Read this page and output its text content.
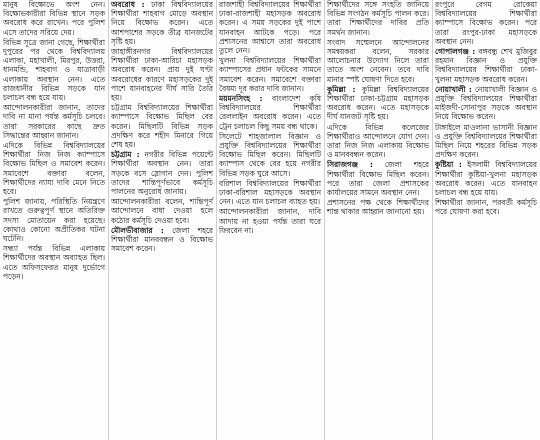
মানুষ বিক্ষোভে অংশ নেন। বিক্ষোভকারীরা বিভিন্ন স্থানে সড়ক অবরোধ করে রাখেন। পরে পুলিশ এসে তাদের সরিয়ে দেয়।

বিভিন্ন সূত্রে জানা গেছে, শিক্ষার্থীরা দুপুরের পর থেকে বিশ্ববিদ্যালয় এলাকা, মহাখালী, মিরপুর, উত্তরা, ধানমন্ডি, শাহবাগ ও যাত্রাবাড়ী এলাকায় অবস্থান নেন। এতে রাজধানীর বিভিন্ন সড়কে যান চলাচল বন্ধ হয়ে যায়।

আন্দোলনকারীরা জানান, তাদের দাবি না মানা পর্যন্ত কর্মসূচি চলবে। তারা সরকারের কাছে দ্রুত সিদ্ধান্তের আহ্বান জানান।

এদিকে বিভিন্ন বিশ্ববিদ্যালয়ের শিক্ষার্থীরা নিজ নিজ ক্যাম্পাসে বিক্ষোভ মিছিল ও সমাবেশ করেন। সমাবেশে বক্তারা বলেন, শিক্ষার্থীদের ন্যায্য দাবি মেনে নিতে হবে।

পুলিশ জানায়, পরিস্থিতি নিয়ন্ত্রণে রাখতে গুরুত্বপূর্ণ স্থানে অতিরিক্ত সদস্য মোতায়েন করা হয়েছে। কোথাও কোনো অপ্রীতিকর ঘটনা ঘটেনি।

সন্ধ্যা পর্যন্ত বিভিন্ন এলাকায় শিক্ষার্থীদের অবস্থান অব্যাহত ছিল। এতে অফিসফেরত মানুষ দুর্ভোগে পড়েন।

অবরোধ : ঢাকা বিশ্ববিদ্যালয়ের শিক্ষার্থীরা শাহবাগ মোড়ে অবস্থান নিয়ে বিক্ষোভ করেন। এতে আশপাশের সড়কে তীব্র যানজটের সৃষ্টি হয়।

জাহাঙ্গীরনগর বিশ্ববিদ্যালয়ের শিক্ষার্থীরা ঢাকা-আরিচা মহাসড়ক অবরোধ করেন। প্রায় দুই ঘণ্টা অবরোধের কারণে মহাসড়কের দুই পাশে যানবাহনের দীর্ঘ সারি তৈরি হয়।

চট্টগ্রাম বিশ্ববিদ্যালয়ের শিক্ষার্থীরা ক্যাম্পাসে বিক্ষোভ মিছিল বের করেন। মিছিলটি বিভিন্ন সড়ক প্রদক্ষিণ করে শহীদ মিনারে গিয়ে শেষ হয়।

চট্টগ্রাম : নগরীর বিভিন্ন পয়েন্টে শিক্ষার্থীরা অবস্থান নেন। তারা সড়কে বসে স্লোগান দেন। পুলিশ তাদের শান্তিপূর্ণভাবে কর্মসূচি পালনের অনুরোধ জানায়।

আন্দোলনকারীরা বলেন, শান্তিপূর্ণ আন্দোলনে বাধা দেওয়া হলে কঠোর কর্মসূচি দেওয়া হবে।

মৌলভীবাজার : জেলা শহরে শিক্ষার্থীরা মানববন্ধন ও বিক্ষোভ সমাবেশ করেন।

রাজশাহী বিশ্ববিদ্যালয়ের শিক্ষার্থীরা ঢাকা-রাজশাহী মহাসড়ক অবরোধ করেন। এ সময় সড়কের দুই পাশে যানবাহন আটকে পড়ে। পরে প্রশাসনের আশ্বাসে তারা অবরোধ তুলে নেন।

খুলনা বিশ্ববিদ্যালয়ের শিক্ষার্থীরা ক্যাম্পাসের প্রধান ফটকের সামনে সমাবেশ করেন। সমাবেশে বক্তারা বৈষম্য দূর করার দাবি জানান।

ময়মনসিংহ : বাংলাদেশ কৃষি বিশ্ববিদ্যালয়ের শিক্ষার্থীরা রেললাইন অবরোধ করেন। এতে ট্রেন চলাচল কিছু সময় বন্ধ থাকে।

সিলেটে শাহজালাল বিজ্ঞান ও প্রযুক্তি বিশ্ববিদ্যালয়ের শিক্ষার্থীরা বিক্ষোভ মিছিল করেন। মিছিলটি ক্যাম্পাস থেকে বের হয়ে নগরীর বিভিন্ন সড়ক ঘুরে আসে।

বরিশাল বিশ্ববিদ্যালয়ের শিক্ষার্থীরা ঢাকা-বরিশাল মহাসড়কে অবস্থান নেন। এতে যান চলাচল ব্যাহত হয়।

আন্দোলনকারীরা জানান, দাবি আদায় না হওয়া পর্যন্ত তারা ঘরে ফিরবেন না।

শিক্ষার্থীদের সঙ্গে সংহতি জানিয়ে বিভিন্ন সংগঠন কর্মসূচি পালন করে। তারা শিক্ষার্থীদের দাবির প্রতি সমর্থন জানান।

সংবাদ সম্মেলনে আন্দোলনের সমন্বয়করা বলেন, সরকার আলোচনার উদ্যোগ নিলে তারা তাতে অংশ নেবেন। তবে দাবি মানার স্পষ্ট ঘোষণা দিতে হবে।

কুমিল্লা : কুমিল্লা বিশ্ববিদ্যালয়ের শিক্ষার্থীরা ঢাকা-চট্টগ্রাম মহাসড়ক অবরোধ করেন। এতে মহাসড়কে দীর্ঘ যানজট সৃষ্টি হয়।

এদিকে বিভিন্ন কলেজের শিক্ষার্থীরাও আন্দোলনে যোগ দেন। তারা নিজ নিজ এলাকায় বিক্ষোভ ও মানববন্ধন করেন।

সিরাজগঞ্জ : জেলা শহরে শিক্ষার্থীরা বিক্ষোভ মিছিল করেন। পরে তারা জেলা প্রশাসকের কার্যালয়ের সামনে অবস্থান নেন।

প্রশাসনের পক্ষ থেকে শিক্ষার্থীদের শান্ত থাকার আহ্বান জানানো হয়।

রংপুরে বেগম রোকেয়া বিশ্ববিদ্যালয়ের শিক্ষার্থীরা ক্যাম্পাসে বিক্ষোভ করেন। পরে তারা রংপুর-ঢাকা মহাসড়কে অবস্থান নেন।

গোপালগঞ্জ : বঙ্গবন্ধু শেখ মুজিবুর রহমান বিজ্ঞান ও প্রযুক্তি বিশ্ববিদ্যালয়ের শিক্ষার্থীরা ঢাকা-খুলনা মহাসড়ক অবরোধ করেন।

নোয়াখালী : নোয়াখালী বিজ্ঞান ও প্রযুক্তি বিশ্ববিদ্যালয়ের শিক্ষার্থীরা মাইজদী-সোনাপুর সড়কে অবস্থান নিয়ে বিক্ষোভ করেন।

টাঙ্গাইলে মাওলানা ভাসানী বিজ্ঞান ও প্রযুক্তি বিশ্ববিদ্যালয়ের শিক্ষার্থীরা মিছিল নিয়ে শহরের বিভিন্ন সড়ক প্রদক্ষিণ করেন।

কুষ্টিয়া : ইসলামী বিশ্ববিদ্যালয়ের শিক্ষার্থীরা কুষ্টিয়া-খুলনা মহাসড়ক অবরোধ করেন। এতে যানবাহন চলাচল বন্ধ হয়ে যায়।

শিক্ষার্থীরা জানান, পরবর্তী কর্মসূচি পরে ঘোষণা করা হবে।
